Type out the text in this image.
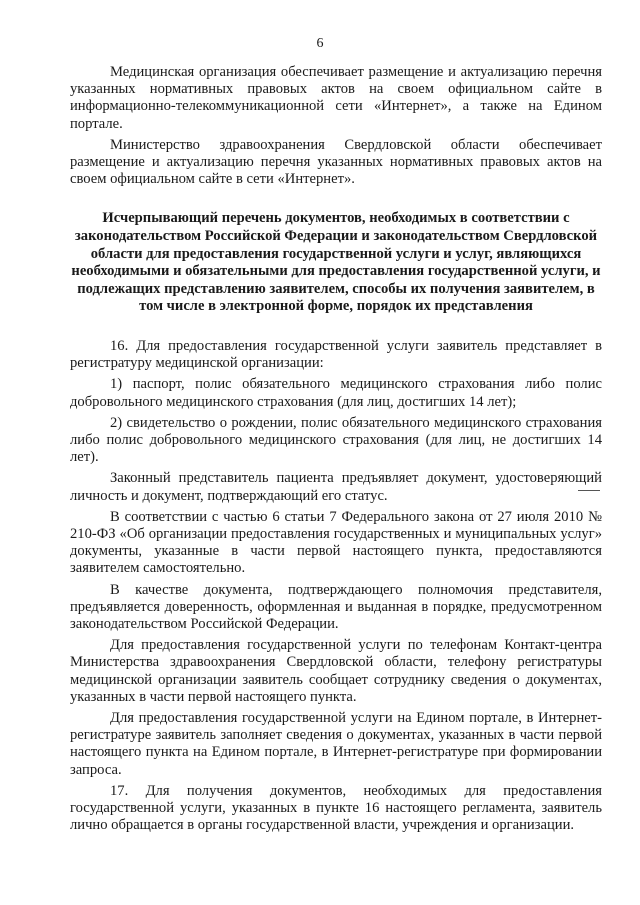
6

Медицинская организация обеспечивает размещение и актуализацию перечня указанных нормативных правовых актов на своем официальном сайте в информационно-телекоммуникационной сети «Интернет», а также на Едином портале.

Министерство здравоохранения Свердловской области обеспечивает размещение и актуализацию перечня указанных нормативных правовых актов на своем официальном сайте в сети «Интернет».

Исчерпывающий перечень документов, необходимых в соответствии с законодательством Российской Федерации и законодательством Свердловской области для предоставления государственной услуги и услуг, являющихся необходимыми и обязательными для предоставления государственной услуги, и подлежащих представлению заявителем, способы их получения заявителем, в том числе в электронной форме, порядок их представления

16. Для предоставления государственной услуги заявитель представляет в регистратуру медицинской организации:

1) паспорт, полис обязательного медицинского страхования либо полис добровольного медицинского страхования (для лиц, достигших 14 лет);

2) свидетельство о рождении, полис обязательного медицинского страхования либо полис добровольного медицинского страхования (для лиц, не достигших 14 лет).

Законный представитель пациента предъявляет документ, удостоверяющий личность и документ, подтверждающий его статус.

В соответствии с частью 6 статьи 7 Федерального закона от 27 июля 2010 № 210-ФЗ «Об организации предоставления государственных и муниципальных услуг» документы, указанные в части первой настоящего пункта, предоставляются заявителем самостоятельно.

В качестве документа, подтверждающего полномочия представителя, предъявляется доверенность, оформленная и выданная в порядке, предусмотренном законодательством Российской Федерации.

Для предоставления государственной услуги по телефонам Контакт-центра Министерства здравоохранения Свердловской области, телефону регистратуры медицинской организации заявитель сообщает сотруднику сведения о документах, указанных в части первой настоящего пункта.

Для предоставления государственной услуги на Едином портале, в Интернет-регистратуре заявитель заполняет сведения о документах, указанных в части первой настоящего пункта на Едином портале, в Интернет-регистратуре при формировании запроса.

17. Для получения документов, необходимых для предоставления государственной услуги, указанных в пункте 16 настоящего регламента, заявитель лично обращается в органы государственной власти, учреждения и организации.
